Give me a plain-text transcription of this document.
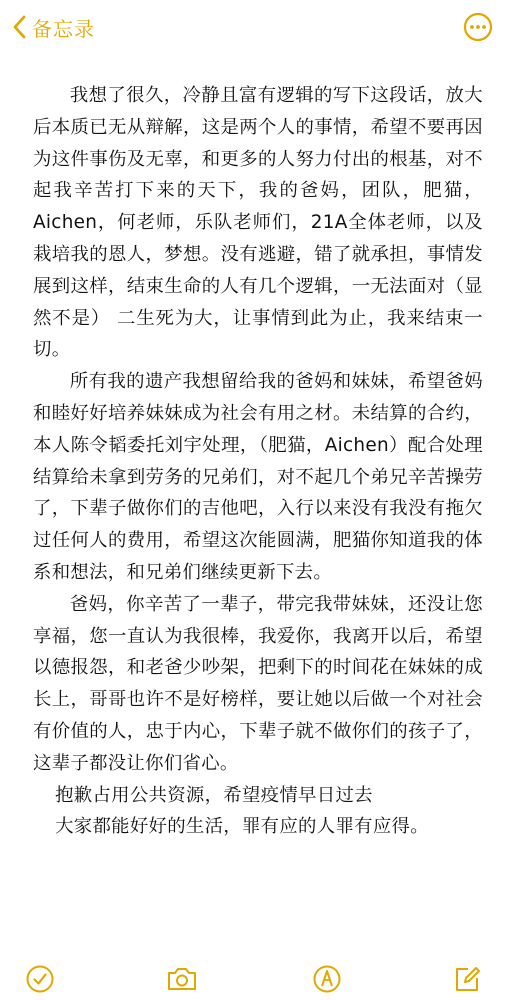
备忘录

我想了很久，冷静且富有逻辑的写下这段话，放大后本质已无从辩解，这是两个人的事情，希望不要再因为这件事伤及无辜，和更多的人努力付出的根基，对不起我辛苦打下来的天下，我的爸妈，团队，肥猫，Aichen，何老师，乐队老师们，21A全体老师，以及栽培我的恩人，梦想。没有逃避，错了就承担，事情发展到这样，结束生命的人有几个逻辑，一无法面对（显然不是） 二生死为大，让事情到此为止，我来结束一切。

所有我的遗产我想留给我的爸妈和妹妹，希望爸妈和睦好好培养妹妹成为社会有用之材。未结算的合约，本人陈令韬委托刘宇处理，（肥猫，Aichen）配合处理结算给未拿到劳务的兄弟们，对不起几个弟兄辛苦操劳了，下辈子做你们的吉他吧，入行以来没有我没有拖欠过任何人的费用，希望这次能圆满，肥猫你知道我的体系和想法，和兄弟们继续更新下去。

爸妈，你辛苦了一辈子，带完我带妹妹，还没让您享福，您一直认为我很棒，我爱你，我离开以后，希望以德报怨，和老爸少吵架，把剩下的时间花在妹妹的成长上，哥哥也许不是好榜样，要让她以后做一个对社会有价值的人，忠于内心，下辈子就不做你们的孩子了，这辈子都没让你们省心。

抱歉占用公共资源，希望疫情早日过去

大家都能好好的生活，罪有应的人罪有应得。
